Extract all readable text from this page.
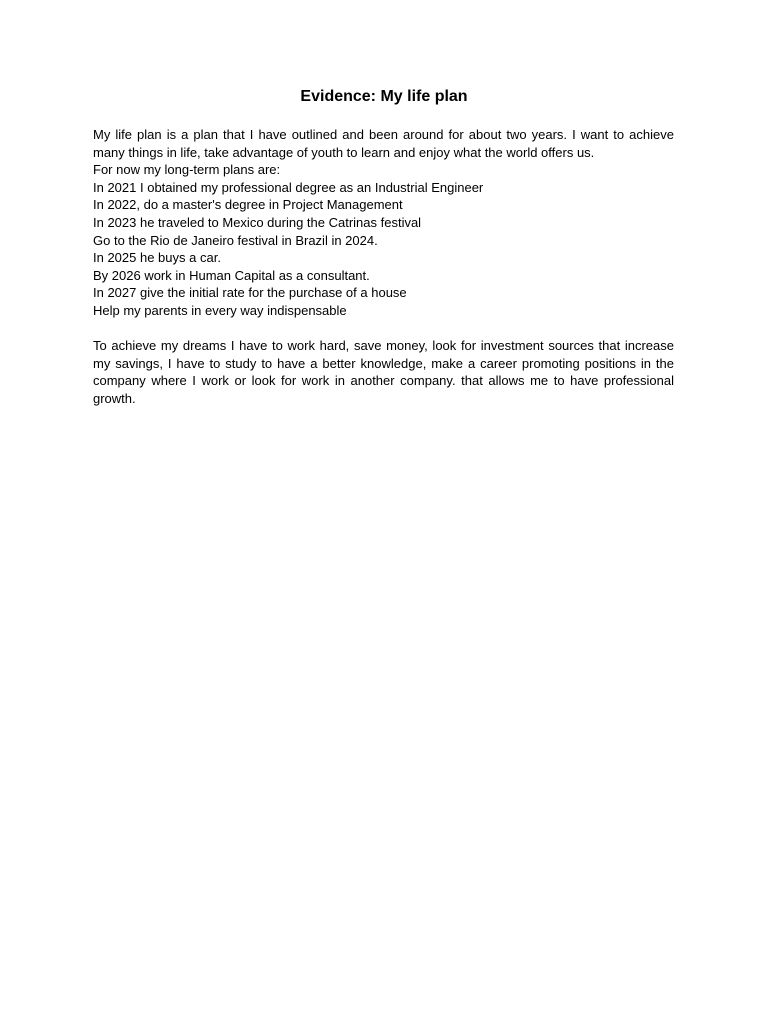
Evidence: My life plan

My life plan is a plan that I have outlined and been around for about two years. I want to achieve many things in life, take advantage of youth to learn and enjoy what the world offers us.

For now my long-term plans are:

In 2021 I obtained my professional degree as an Industrial Engineer

In 2022, do a master's degree in Project Management

In 2023 he traveled to Mexico during the Catrinas festival

Go to the Rio de Janeiro festival in Brazil in 2024.

In 2025 he buys a car.

By 2026 work in Human Capital as a consultant.

In 2027 give the initial rate for the purchase of a house

Help my parents in every way indispensable

To achieve my dreams I have to work hard, save money, look for investment sources that increase my savings, I have to study to have a better knowledge, make a career promoting positions in the company where I work or look for work in another company. that allows me to have professional growth.
